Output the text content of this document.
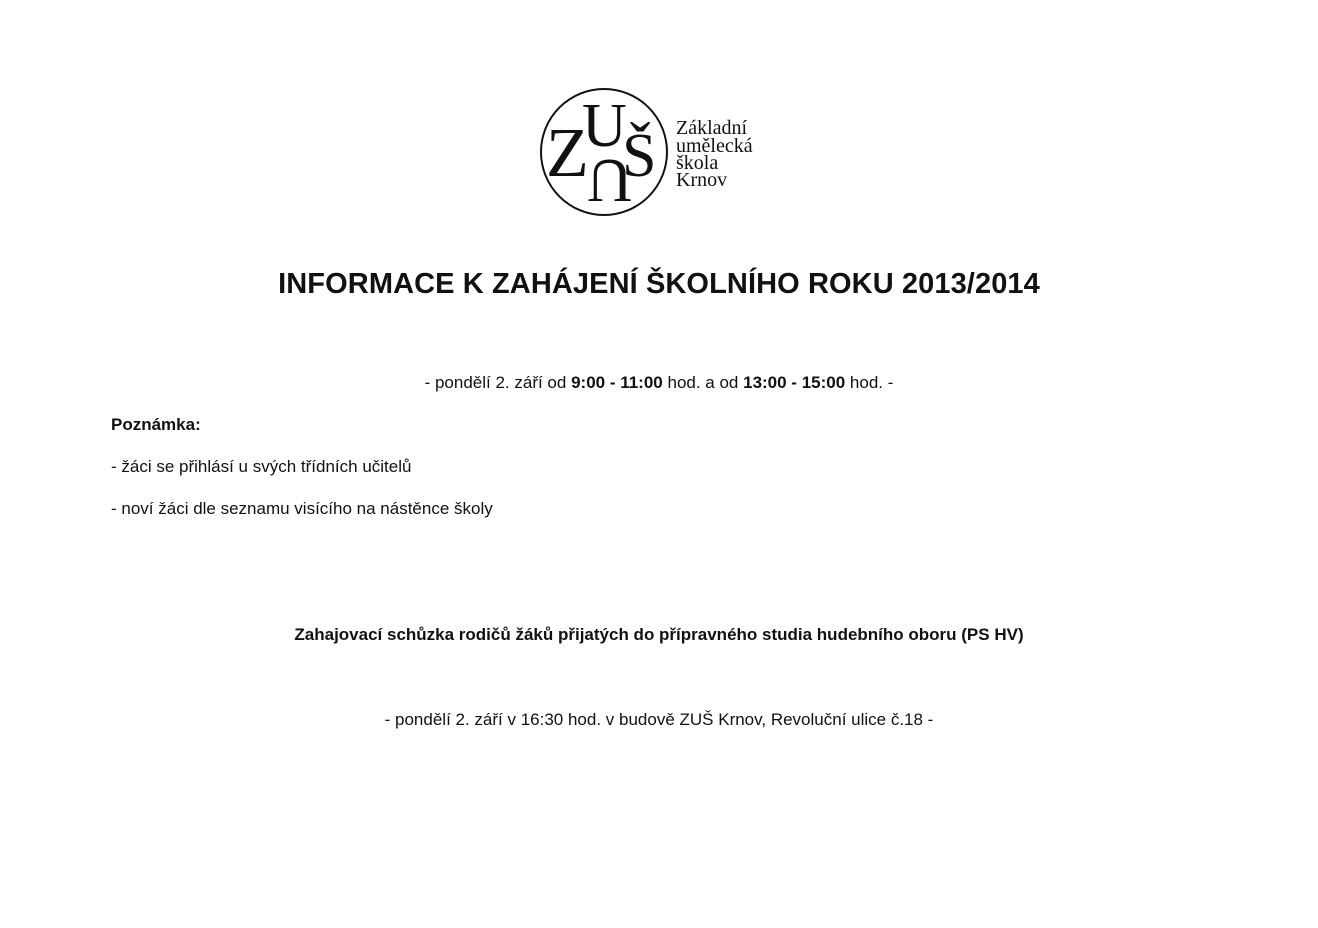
Z
U
U
Š Základní
umělecká
škola
Krnov
INFORMACE K ZAHÁJENÍ ŠKOLNÍHO ROKU 2013/2014
- pondělí 2. září od 9:00 - 11:00 hod. a od 13:00 - 15:00 hod. -
Poznámka:
- žáci se přihlásí u svých třídních učitelů
- noví žáci dle seznamu visícího na nástěnce školy
Zahajovací schůzka rodičů žáků přijatých do přípravného studia hudebního oboru (PS HV)
- pondělí 2. září v 16:30 hod. v budově ZUŠ Krnov, Revoluční ulice č.18 -
